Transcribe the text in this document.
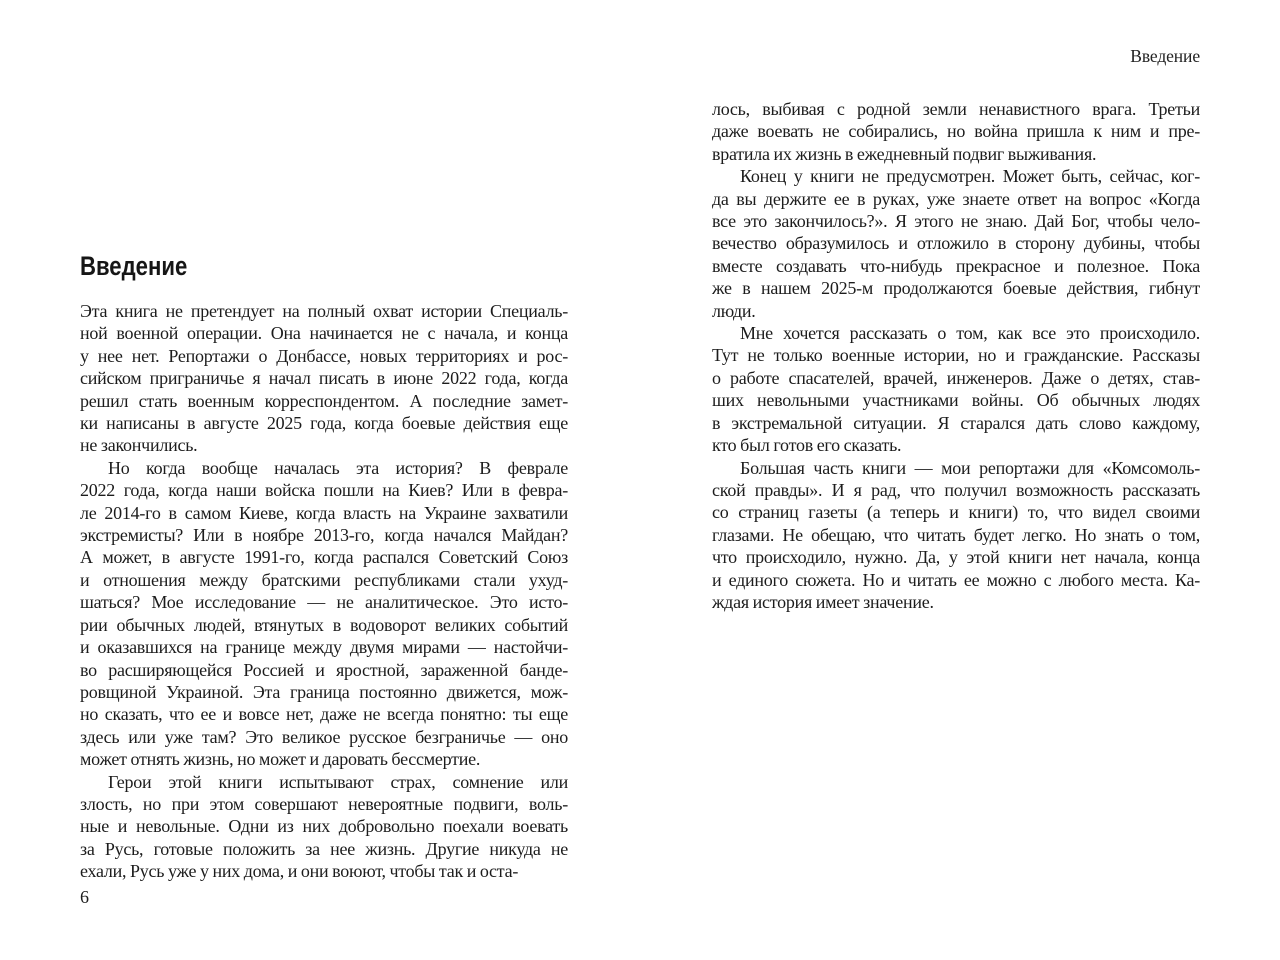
Введение
Эта книга не претендует на полный охват истории Специаль-
ной военной операции. Она начинается не с начала, и конца
у нее нет. Репортажи о Донбассе, новых территориях и рос-
сийском приграничье я начал писать в июне 2022 года, когда
решил стать военным корреспондентом. А последние замет-
ки написаны в августе 2025 года, когда боевые действия еще
не закончились.
Но когда вообще началась эта история? В феврале
2022 года, когда наши войска пошли на Киев? Или в февра-
ле 2014-го в самом Киеве, когда власть на Украине захватили
экстремисты? Или в ноябре 2013-го, когда начался Майдан?
А может, в августе 1991-го, когда распался Советский Союз
и отношения между братскими республиками стали ухуд-
шаться? Мое исследование — не аналитическое. Это исто-
рии обычных людей, втянутых в водоворот великих событий
и оказавшихся на границе между двумя мирами — настойчи-
во расширяющейся Россией и яростной, зараженной банде-
ровщиной Украиной. Эта граница постоянно движется, мож-
но сказать, что ее и вовсе нет, даже не всегда понятно: ты еще
здесь или уже там? Это великое русское безграничье — оно
может отнять жизнь, но может и даровать бессмертие.
Герои этой книги испытывают страх, сомнение или
злость, но при этом совершают невероятные подвиги, воль-
ные и невольные. Одни из них добровольно поехали воевать
за Русь, готовые положить за нее жизнь. Другие никуда не
ехали, Русь уже у них дома, и они воюют, чтобы так и оста-
6
Введение
лось, выбивая с родной земли ненавистного врага. Третьи
даже воевать не собирались, но война пришла к ним и пре-
вратила их жизнь в ежедневный подвиг выживания.
Конец у книги не предусмотрен. Может быть, сейчас, ког-
да вы держите ее в руках, уже знаете ответ на вопрос «Когда
все это закончилось?». Я этого не знаю. Дай Бог, чтобы чело-
вечество образумилось и отложило в сторону дубины, чтобы
вместе создавать что-нибудь прекрасное и полезное. Пока
же в нашем 2025-м продолжаются боевые действия, гибнут
люди.
Мне хочется рассказать о том, как все это происходило.
Тут не только военные истории, но и гражданские. Рассказы
о работе спасателей, врачей, инженеров. Даже о детях, став-
ших невольными участниками войны. Об обычных людях
в экстремальной ситуации. Я старался дать слово каждому,
кто был готов его сказать.
Большая часть книги — мои репортажи для «Комсомоль-
ской правды». И я рад, что получил возможность рассказать
со страниц газеты (а теперь и книги) то, что видел своими
глазами. Не обещаю, что читать будет легко. Но знать о том,
что происходило, нужно. Да, у этой книги нет начала, конца
и единого сюжета. Но и читать ее можно с любого места. Ка-
ждая история имеет значение.
